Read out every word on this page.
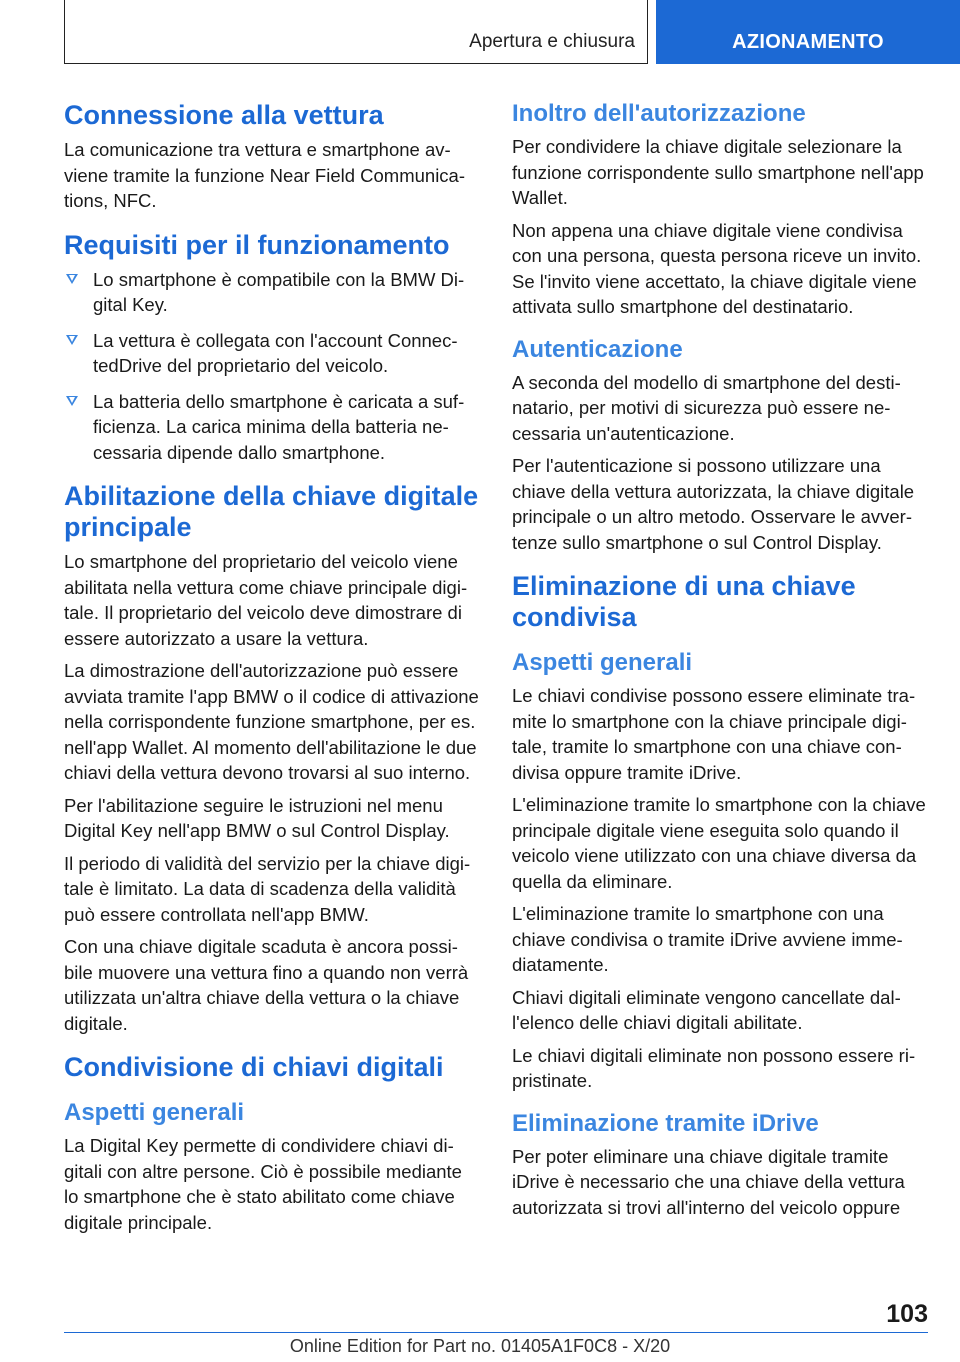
Apertura e chiusura	AZIONAMENTO
Connessione alla vettura

La comunicazione tra vettura e smartphone avviene tramite la funzione Near Field Communications, NFC.

Requisiti per il funzionamento
Lo smartphone è compatibile con la BMW Digital Key.
La vettura è collegata con l'account ConnectedDrive del proprietario del veicolo.
La batteria dello smartphone è caricata a sufficienza. La carica minima della batteria necessaria dipende dallo smartphone.
Abilitazione della chiave digitale principale

Lo smartphone del proprietario del veicolo viene abilitata nella vettura come chiave principale digitale. Il proprietario del veicolo deve dimostrare di essere autorizzato a usare la vettura.

La dimostrazione dell'autorizzazione può essere avviata tramite l'app BMW o il codice di attivazione nella corrispondente funzione smartphone, per es. nell'app Wallet. Al momento dell'abilitazione le due chiavi della vettura devono trovarsi al suo interno.

Per l'abilitazione seguire le istruzioni nel menu Digital Key nell'app BMW o sul Control Display.

Il periodo di validità del servizio per la chiave digitale è limitato. La data di scadenza della validità può essere controllata nell'app BMW.

Con una chiave digitale scaduta è ancora possibile muovere una vettura fino a quando non verrà utilizzata un'altra chiave della vettura o la chiave digitale.

Condivisione di chiavi digitali
Aspetti generali

La Digital Key permette di condividere chiavi digitali con altre persone. Ciò è possibile mediante lo smartphone che è stato abilitato come chiave digitale principale.

Inoltro dell'autorizzazione

Per condividere la chiave digitale selezionare la funzione corrispondente sullo smartphone nell'app Wallet.

Non appena una chiave digitale viene condivisa con una persona, questa persona riceve un invito. Se l'invito viene accettato, la chiave digitale viene attivata sullo smartphone del destinatario.

Autenticazione

A seconda del modello di smartphone del destinatario, per motivi di sicurezza può essere necessaria un'autenticazione.

Per l'autenticazione si possono utilizzare una chiave della vettura autorizzata, la chiave digitale principale o un altro metodo. Osservare le avvertenze sullo smartphone o sul Control Display.

Eliminazione di una chiave condivisa
Aspetti generali

Le chiavi condivise possono essere eliminate tramite lo smartphone con la chiave principale digitale, tramite lo smartphone con una chiave condivisa oppure tramite iDrive.

L'eliminazione tramite lo smartphone con la chiave principale digitale viene eseguita solo quando il veicolo viene utilizzato con una chiave diversa da quella da eliminare.

L'eliminazione tramite lo smartphone con una chiave condivisa o tramite iDrive avviene immediatamente.

Chiavi digitali eliminate vengono cancellate dall'elenco delle chiavi digitali abilitate.

Le chiavi digitali eliminate non possono essere ripristinate.

Eliminazione tramite iDrive

Per poter eliminare una chiave digitale tramite iDrive è necessario che una chiave della vettura autorizzata si trovi all'interno del veicolo oppure

103
Online Edition for Part no. 01405A1F0C8 - X/20
